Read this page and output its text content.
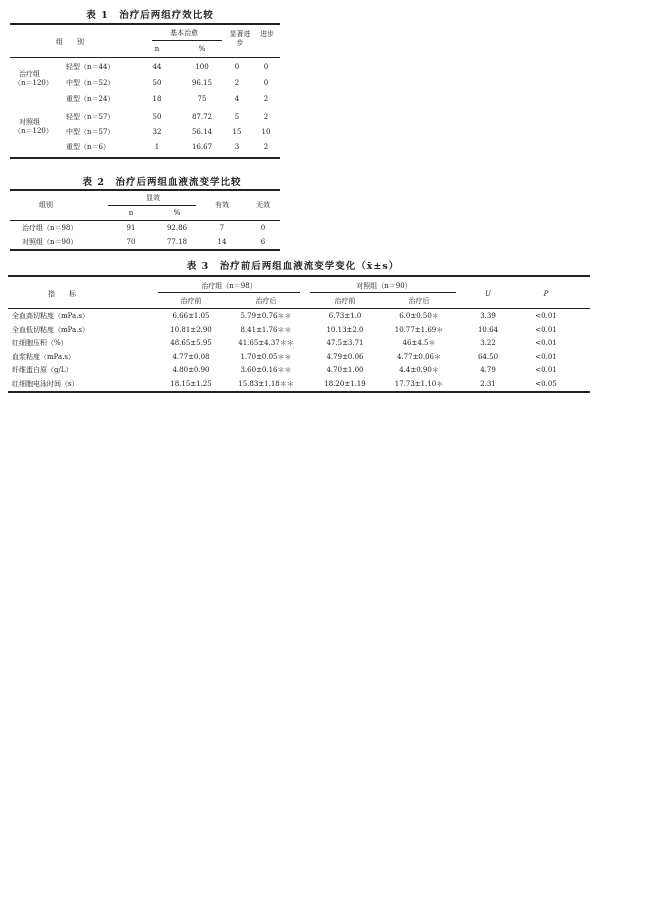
表 1　治疗后两组疗效比较
组　　别
基本治愈
n	%
显著进步
进步
治疗组
（n＝120）
轻型（n＝44）	44	100	0	0
中型（n＝52）	50	96.15	2	0
重型（n＝24）	18	75	4	2
对照组
（n＝120）
轻型（n＝57）	50	87.72	5	2
中型（n＝57）	32	56.14	15	10
重型（n＝6）	1	16.67	3	2
表 2　治疗后两组血液流变学比较
组别
显效
n	%
有效	无效
治疗组（n＝98）	91	92.86	7	0
对照组（n＝90）	70	77.18	14	6
表 3　治疗前后两组血液流变学变化（x̄±s）
指　　标
治疗组（n＝98）	对照组（n＝90）
治疗前	治疗后	治疗前	治疗后
U	P
全血高切粘度（mPa.s）	6.66±1.05	5.79±0.76＊＊	6.73±1.0	6.0±0.50＊	3.39	<0.01
全血低切粘度（mPa.s）	10.81±2.90	8.41±1.76＊＊	10.13±2.0	10.77±1.69＊	10.64	<0.01
红细胞压积（%）	48.65±5.95	41.65±4.37＊＊	47.5±3.71	46±4.5＊	3.22	<0.01
血浆粘度（mPa.s）	4.77±0.08	1.70±0.05＊＊	4.79±0.06	4.77±0.06＊	64.50	<0.01
纤维蛋白原（g/L）	4.80±0.90	3.60±0.16＊＊	4.70±1.00	4.4±0.90＊	4.79	<0.01
红细胞电泳时间（s）	18.15±1.25	15.83±1.18＊＊	18.20±1.19	17.73±1.10＊	2.31	<0.05
